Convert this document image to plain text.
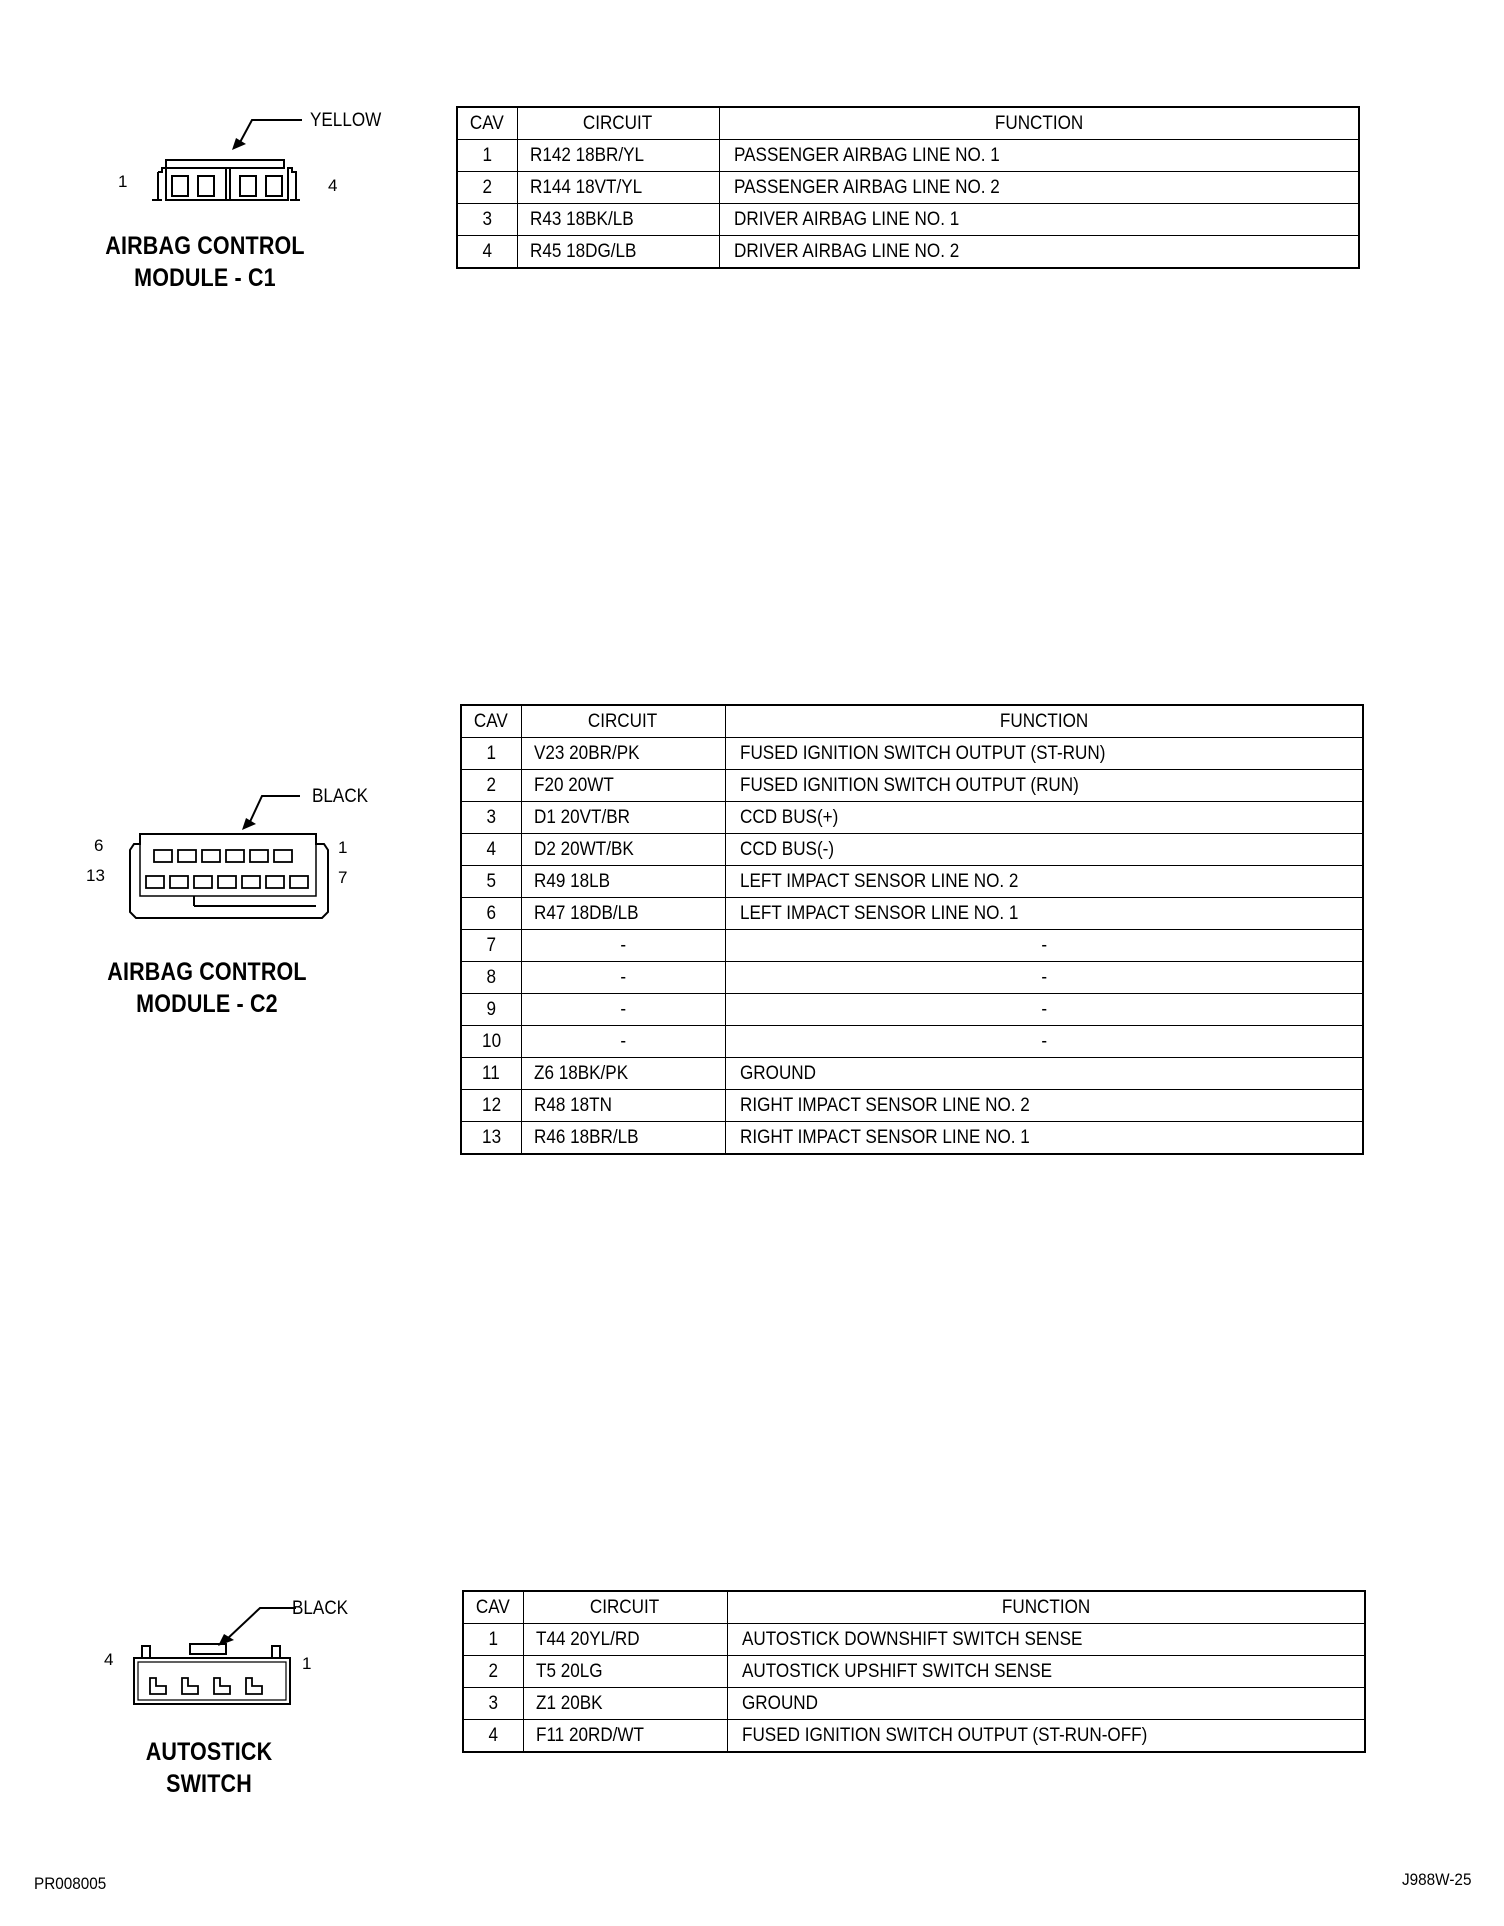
YELLOW
1	4
AIRBAG CONTROL
MODULE - C1
CAV	CIRCUIT	FUNCTION
1	R142 18BR/YL	PASSENGER AIRBAG LINE NO. 1
2	R144 18VT/YL	PASSENGER AIRBAG LINE NO. 2
3	R43 18BK/LB	DRIVER AIRBAG LINE NO. 1
4	R45 18DG/LB	DRIVER AIRBAG LINE NO. 2
BLACK
6
13
1
7
AIRBAG CONTROL
MODULE - C2
CAV	CIRCUIT	FUNCTION
1	V23 20BR/PK	FUSED IGNITION SWITCH OUTPUT (ST-RUN)
2	F20 20WT	FUSED IGNITION SWITCH OUTPUT (RUN)
3	D1 20VT/BR	CCD BUS(+)
4	D2 20WT/BK	CCD BUS(-)
5	R49 18LB	LEFT IMPACT SENSOR LINE NO. 2
6	R47 18DB/LB	LEFT IMPACT SENSOR LINE NO. 1
7	-	-
8	-	-
9	-	-
10	-	-
11	Z6 18BK/PK	GROUND
12	R48 18TN	RIGHT IMPACT SENSOR LINE NO. 2
13	R46 18BR/LB	RIGHT IMPACT SENSOR LINE NO. 1
BLACK
4	1
AUTOSTICK
SWITCH
CAV	CIRCUIT	FUNCTION
1	T44 20YL/RD	AUTOSTICK DOWNSHIFT SWITCH SENSE
2	T5 20LG	AUTOSTICK UPSHIFT SWITCH SENSE
3	Z1 20BK	GROUND
4	F11 20RD/WT	FUSED IGNITION SWITCH OUTPUT (ST-RUN-OFF)
PR008005	J988W-25
